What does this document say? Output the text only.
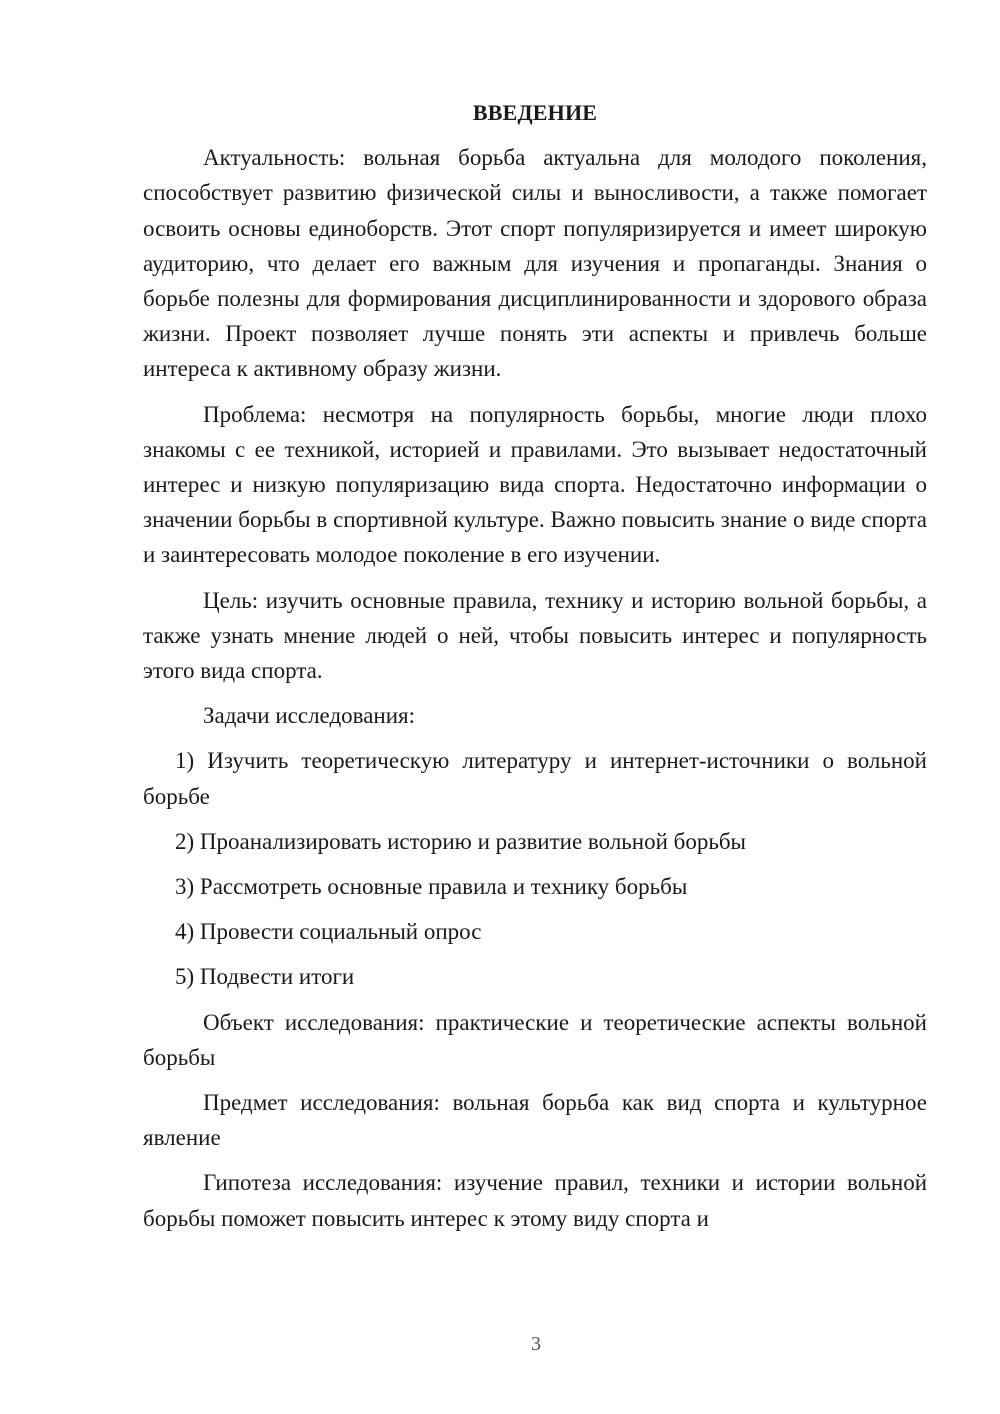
ВВЕДЕНИЕ

Актуальность: вольная борьба актуальна для молодого поколения, способствует развитию физической силы и выносливости, а также помогает освоить основы единоборств. Этот спорт популяризируется и имеет широкую аудиторию, что делает его важным для изучения и пропаганды. Знания о борьбе полезны для формирования дисциплинированности и здорового образа жизни. Проект позволяет лучше понять эти аспекты и привлечь больше интереса к активному образу жизни.

Проблема: несмотря на популярность борьбы, многие люди плохо знакомы с ее техникой, историей и правилами. Это вызывает недостаточный интерес и низкую популяризацию вида спорта. Недостаточно информации о значении борьбы в спортивной культуре. Важно повысить знание о виде спорта и заинтересовать молодое поколение в его изучении.

Цель: изучить основные правила, технику и историю вольной борьбы, а также узнать мнение людей о ней, чтобы повысить интерес и популярность этого вида спорта.

Задачи исследования:

1) Изучить теоретическую литературу и интернет-источники о вольной борьбе

2) Проанализировать историю и развитие вольной борьбы

3) Рассмотреть основные правила и технику борьбы

4) Провести социальный опрос

5) Подвести итоги

Объект исследования: практические и теоретические аспекты вольной борьбы

Предмет исследования: вольная борьба как вид спорта и культурное явление

Гипотеза исследования: изучение правил, техники и истории вольной борьбы поможет повысить интерес к этому виду спорта и

3
